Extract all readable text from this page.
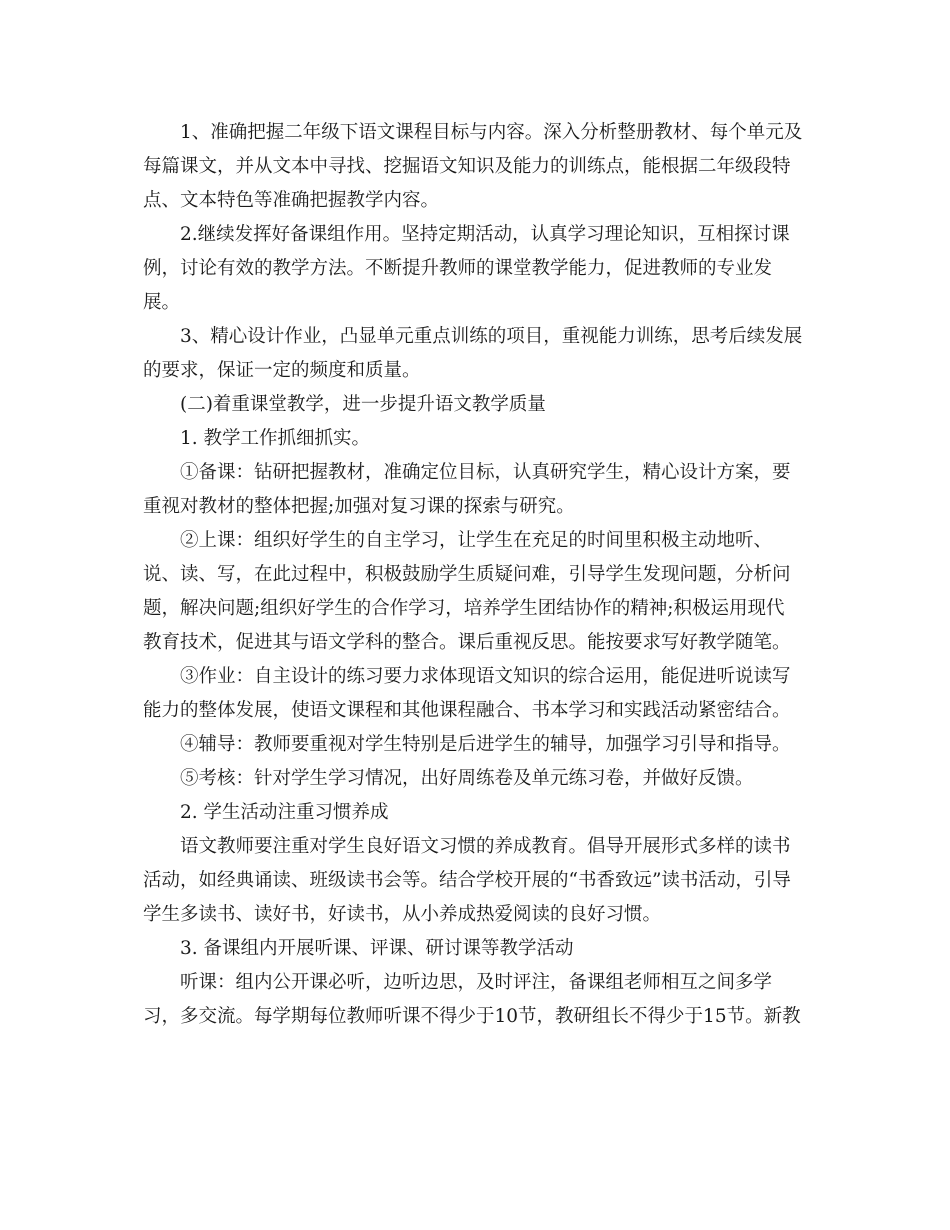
1、准确把握二年级下语文课程目标与内容。深入分析整册教材、每个单元及
每篇课文，并从文本中寻找、挖掘语文知识及能力的训练点，能根据二年级段特
点、文本特色等准确把握教学内容。
2.继续发挥好备课组作用。坚持定期活动，认真学习理论知识，互相探讨课
例，讨论有效的教学方法。不断提升教师的课堂教学能力，促进教师的专业发
展。
3、精心设计作业，凸显单元重点训练的项目，重视能力训练，思考后续发展
的要求，保证一定的频度和质量。
(二)着重课堂教学，进一步提升语文教学质量
1. 教学工作抓细抓实。
①备课：钻研把握教材，准确定位目标，认真研究学生，精心设计方案，要
重视对教材的整体把握;加强对复习课的探索与研究。
②上课：组织好学生的自主学习，让学生在充足的时间里积极主动地听、
说、读、写，在此过程中，积极鼓励学生质疑问难，引导学生发现问题，分析问
题，解决问题;组织好学生的合作学习，培养学生团结协作的精神;积极运用现代
教育技术，促进其与语文学科的整合。课后重视反思。能按要求写好教学随笔。
③作业：自主设计的练习要力求体现语文知识的综合运用，能促进听说读写
能力的整体发展，使语文课程和其他课程融合、书本学习和实践活动紧密结合。
④辅导：教师要重视对学生特别是后进学生的辅导，加强学习引导和指导。
⑤考核：针对学生学习情况，出好周练卷及单元练习卷，并做好反馈。
2. 学生活动注重习惯养成
语文教师要注重对学生良好语文习惯的养成教育。倡导开展形式多样的读书
活动，如经典诵读、班级读书会等。结合学校开展的“书香致远”读书活动，引导
学生多读书、读好书，好读书，从小养成热爱阅读的良好习惯。
3. 备课组内开展听课、评课、研讨课等教学活动
听课：组内公开课必听，边听边思，及时评注，备课组老师相互之间多学
习，多交流。每学期每位教师听课不得少于10节，教研组长不得少于15节。新教
